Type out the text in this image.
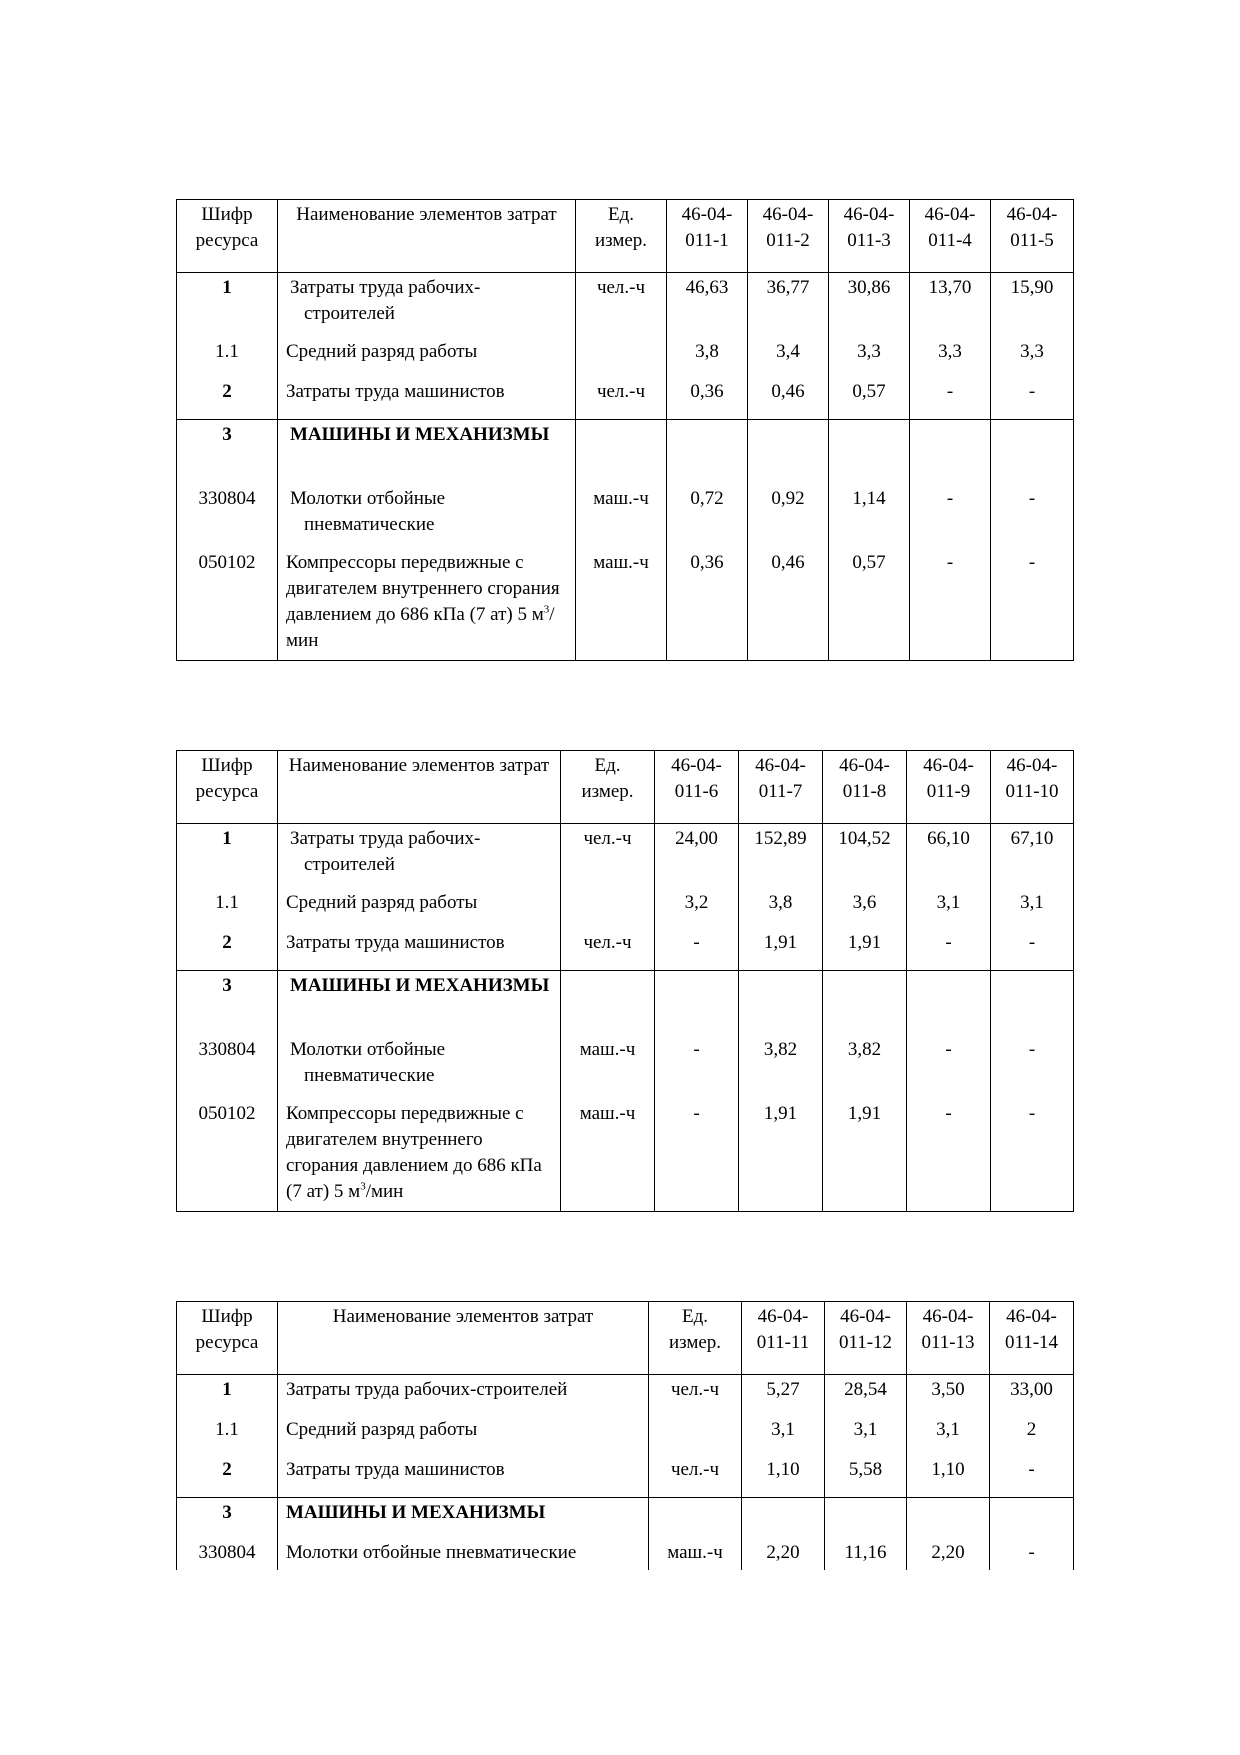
Шифр ресурса	Наименование элементов затрат	Ед. измер.	46-04-011-1	46-04-011-2	46-04-011-3	46-04-011-4	46-04-011-5
1	Затраты труда рабочих-строителей	чел.-ч	46,63	36,77	30,86	13,70	15,90
1.1	Средний разряд работы		3,8	3,4	3,3	3,3	3,3
2	Затраты труда машинистов	чел.-ч	0,36	0,46	0,57	-	-
3	МАШИНЫ И МЕХАНИЗМЫ						
330804	Молотки отбойные пневматические	маш.-ч	0,72	0,92	1,14	-	-
050102	Компрессоры передвижные с двигателем внутреннего сгорания давлением до 686 кПа (7 ат) 5 $м^3$/мин	маш.-ч	0,36	0,46	0,57	-	-
Шифр ресурса	Наименование элементов затрат	Ед. измер.	46-04-011-6	46-04-011-7	46-04-011-8	46-04-011-9	46-04-011-10
1	Затраты труда рабочих-строителей	чел.-ч	24,00	152,89	104,52	66,10	67,10
1.1	Средний разряд работы		3,2	3,8	3,6	3,1	3,1
2	Затраты труда машинистов	чел.-ч	-	1,91	1,91	-	-
3	МАШИНЫ И МЕХАНИЗМЫ						
330804	Молотки отбойные пневматические	маш.-ч	-	3,82	3,82	-	-
050102	Компрессоры передвижные с двигателем внутреннего сгорания давлением до 686 кПа (7 ат) 5 $м^3$/мин	маш.-ч	-	1,91	1,91	-	-
Шифр ресурса	Наименование элементов затрат	Ед. измер.	46-04-011-11	46-04-011-12	46-04-011-13	46-04-011-14
1	Затраты труда рабочих-строителей	чел.-ч	5,27	28,54	3,50	33,00
1.1	Средний разряд работы		3,1	3,1	3,1	2
2	Затраты труда машинистов	чел.-ч	1,10	5,58	1,10	-
3	МАШИНЫ И МЕХАНИЗМЫ					
330804	Молотки отбойные пневматические	маш.-ч	2,20	11,16	2,20	-
